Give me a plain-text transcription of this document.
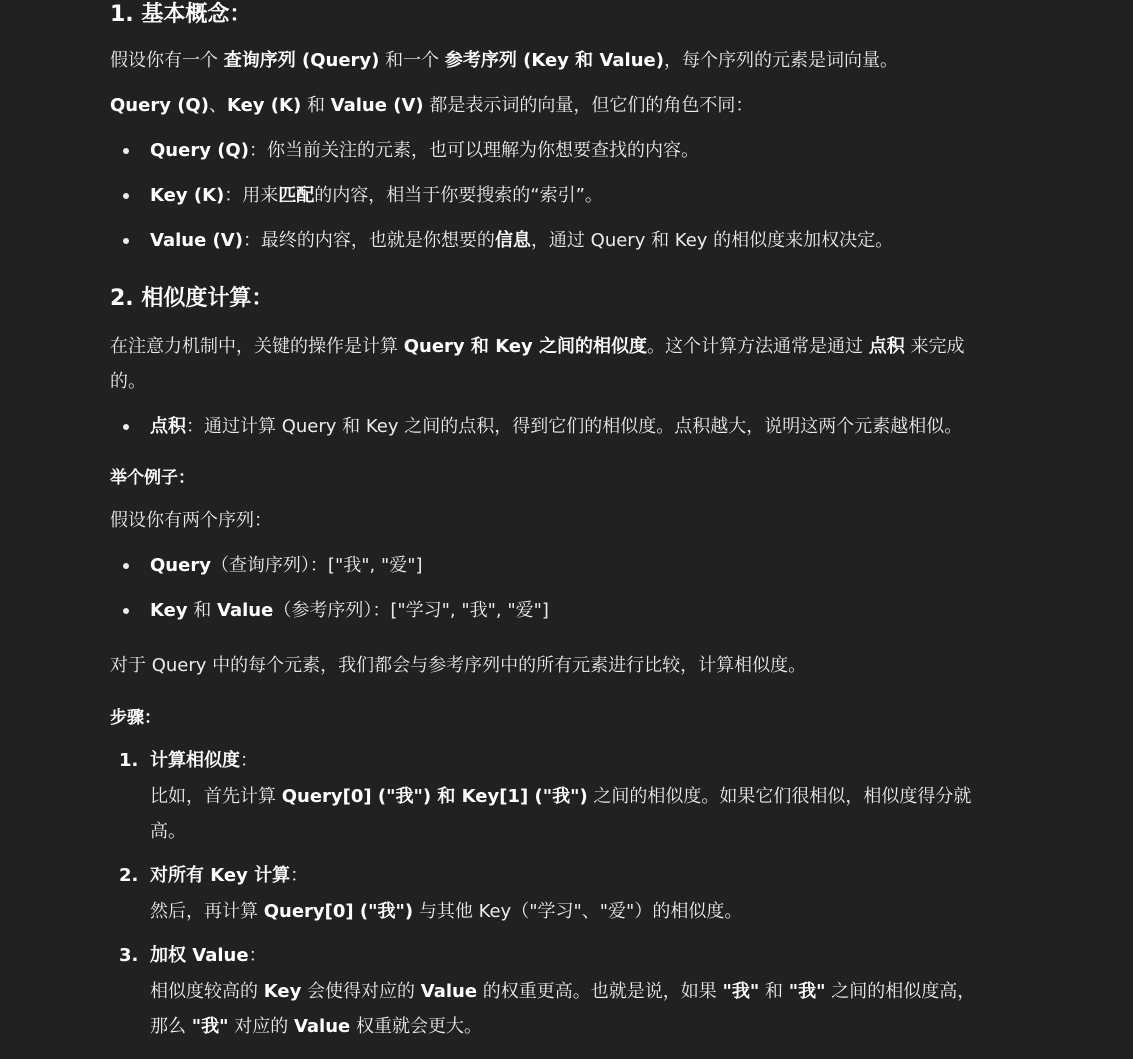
1. 基本概念：
假设你有一个 查询序列 (Query) 和一个 参考序列 (Key 和 Value)，每个序列的元素是词向量。
Query (Q)、Key (K) 和 Value (V) 都是表示词的向量，但它们的角色不同：
Query (Q)：你当前关注的元素，也可以理解为你想要查找的内容。
Key (K)：用来匹配的内容，相当于你要搜索的“索引”。
Value (V)：最终的内容，也就是你想要的信息，通过 Query 和 Key 的相似度来加权决定。
2. 相似度计算：
在注意力机制中，关键的操作是计算 Query 和 Key 之间的相似度。这个计算方法通常是通过 点积 来完成
的。
点积：通过计算 Query 和 Key 之间的点积，得到它们的相似度。点积越大，说明这两个元素越相似。
举个例子：
假设你有两个序列：
Query（查询序列）：["我", "爱"]
Key 和 Value（参考序列）：["学习", "我", "爱"]
对于 Query 中的每个元素，我们都会与参考序列中的所有元素进行比较，计算相似度。
步骤：
1. 计算相似度：
比如，首先计算 Query[0] ("我") 和 Key[1] ("我") 之间的相似度。如果它们很相似，相似度得分就
高。
2. 对所有 Key 计算：
然后，再计算 Query[0] ("我") 与其他 Key（"学习"、"爱"）的相似度。
3. 加权 Value：
相似度较高的 Key 会使得对应的 Value 的权重更高。也就是说，如果 "我" 和 "我" 之间的相似度高，
那么 "我" 对应的 Value 权重就会更大。
